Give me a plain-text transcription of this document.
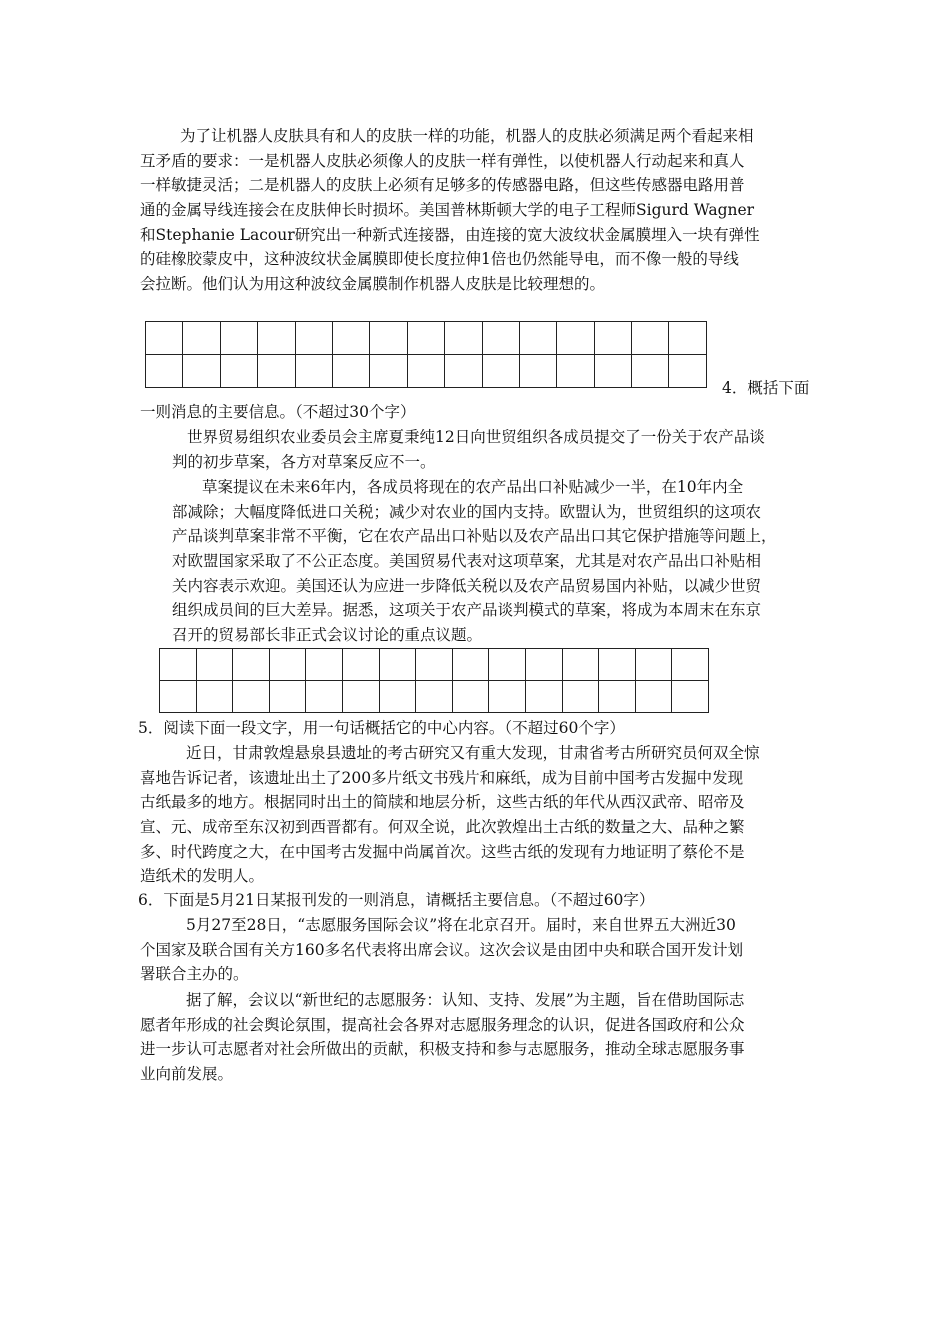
为了让机器人皮肤具有和人的皮肤一样的功能，机器人的皮肤必须满足两个看起来相
互矛盾的要求：一是机器人皮肤必须像人的皮肤一样有弹性，以使机器人行动起来和真人
一样敏捷灵活；二是机器人的皮肤上必须有足够多的传感器电路，但这些传感器电路用普
通的金属导线连接会在皮肤伸长时损坏。美国普林斯顿大学的电子工程师Sigurd Wagner
和Stephanie Lacour研究出一种新式连接器，由连接的宽大波纹状金属膜埋入一块有弹性
的硅橡胶蒙皮中，这种波纹状金属膜即使长度拉伸1倍也仍然能导电，而不像一般的导线
会拉断。他们认为用这种波纹金属膜制作机器人皮肤是比较理想的。

4．概括下面
一则消息的主要信息。（不超过30个字）
世界贸易组织农业委员会主席夏秉纯12日向世贸组织各成员提交了一份关于农产品谈
判的初步草案，各方对草案反应不一。
草案提议在未来6年内，各成员将现在的农产品出口补贴减少一半，在10年内全
部减除；大幅度降低进口关税；减少对农业的国内支持。欧盟认为，世贸组织的这项农
产品谈判草案非常不平衡，它在农产品出口补贴以及农产品出口其它保护措施等问题上，
对欧盟国家采取了不公正态度。美国贸易代表对这项草案，尤其是对农产品出口补贴相
关内容表示欢迎。美国还认为应进一步降低关税以及农产品贸易国内补贴，以减少世贸
组织成员间的巨大差异。据悉，这项关于农产品谈判模式的草案，将成为本周末在东京
召开的贸易部长非正式会议讨论的重点议题。

5．阅读下面一段文字，用一句话概括它的中心内容。（不超过60个字）
近日，甘肃敦煌悬泉县遗址的考古研究又有重大发现，甘肃省考古所研究员何双全惊
喜地告诉记者，该遗址出土了200多片纸文书残片和麻纸，成为目前中国考古发掘中发现
古纸最多的地方。根据同时出土的简牍和地层分析，这些古纸的年代从西汉武帝、昭帝及
宣、元、成帝至东汉初到西晋都有。何双全说，此次敦煌出土古纸的数量之大、品种之繁
多、时代跨度之大，在中国考古发掘中尚属首次。这些古纸的发现有力地证明了蔡伦不是
造纸术的发明人。
6．下面是5月21日某报刊发的一则消息，请概括主要信息。（不超过60字）
5月27至28日，“志愿服务国际会议”将在北京召开。届时，来自世界五大洲近30
个国家及联合国有关方160多名代表将出席会议。这次会议是由团中央和联合国开发计划
署联合主办的。
据了解，会议以“新世纪的志愿服务：认知、支持、发展”为主题，旨在借助国际志
愿者年形成的社会舆论氛围，提高社会各界对志愿服务理念的认识，促进各国政府和公众
进一步认可志愿者对社会所做出的贡献，积极支持和参与志愿服务，推动全球志愿服务事
业向前发展。
